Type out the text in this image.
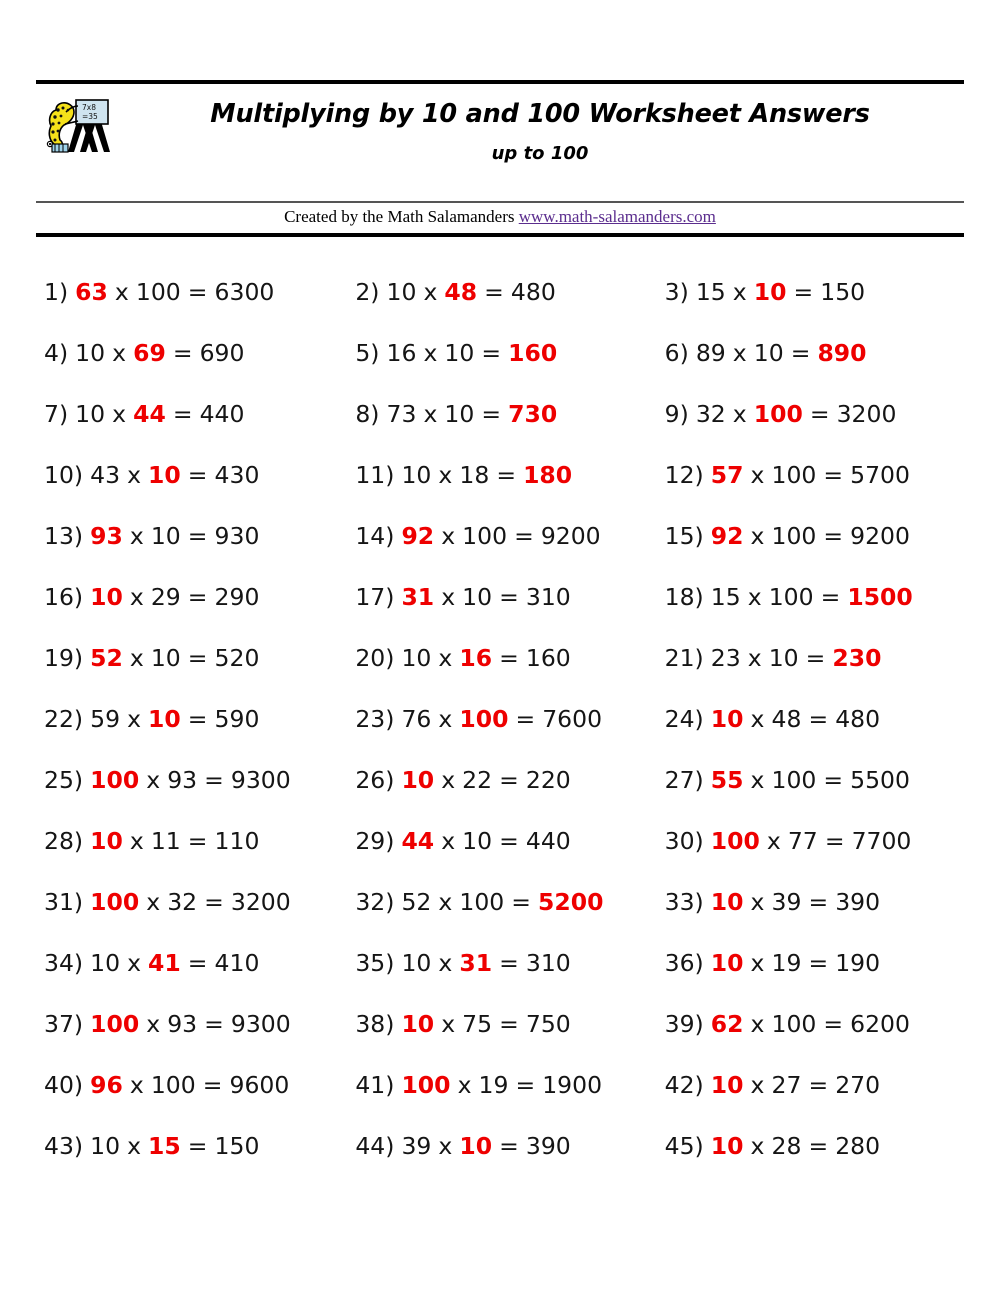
7x8
=35	Multiplying by 10 and 100 Worksheet Answers
up to 100
Created by the Math Salamanders www.math-salamanders.com
1) 63 x 100 = 6300	2) 10 x 48 = 480	3) 15 x 10 = 150
4) 10 x 69 = 690	5) 16 x 10 = 160	6) 89 x 10 = 890
7) 10 x 44 = 440	8) 73 x 10 = 730	9) 32 x 100 = 3200
10) 43 x 10 = 430	11) 10 x 18 = 180	12) 57 x 100 = 5700
13) 93 x 10 = 930	14) 92 x 100 = 9200	15) 92 x 100 = 9200
16) 10 x 29 = 290	17) 31 x 10 = 310	18) 15 x 100 = 1500
19) 52 x 10 = 520	20) 10 x 16 = 160	21) 23 x 10 = 230
22) 59 x 10 = 590	23) 76 x 100 = 7600	24) 10 x 48 = 480
25) 100 x 93 = 9300	26) 10 x 22 = 220	27) 55 x 100 = 5500
28) 10 x 11 = 110	29) 44 x 10 = 440	30) 100 x 77 = 7700
31) 100 x 32 = 3200	32) 52 x 100 = 5200	33) 10 x 39 = 390
34) 10 x 41 = 410	35) 10 x 31 = 310	36) 10 x 19 = 190
37) 100 x 93 = 9300	38) 10 x 75 = 750	39) 62 x 100 = 6200
40) 96 x 100 = 9600	41) 100 x 19 = 1900	42) 10 x 27 = 270
43) 10 x 15 = 150	44) 39 x 10 = 390	45) 10 x 28 = 280
